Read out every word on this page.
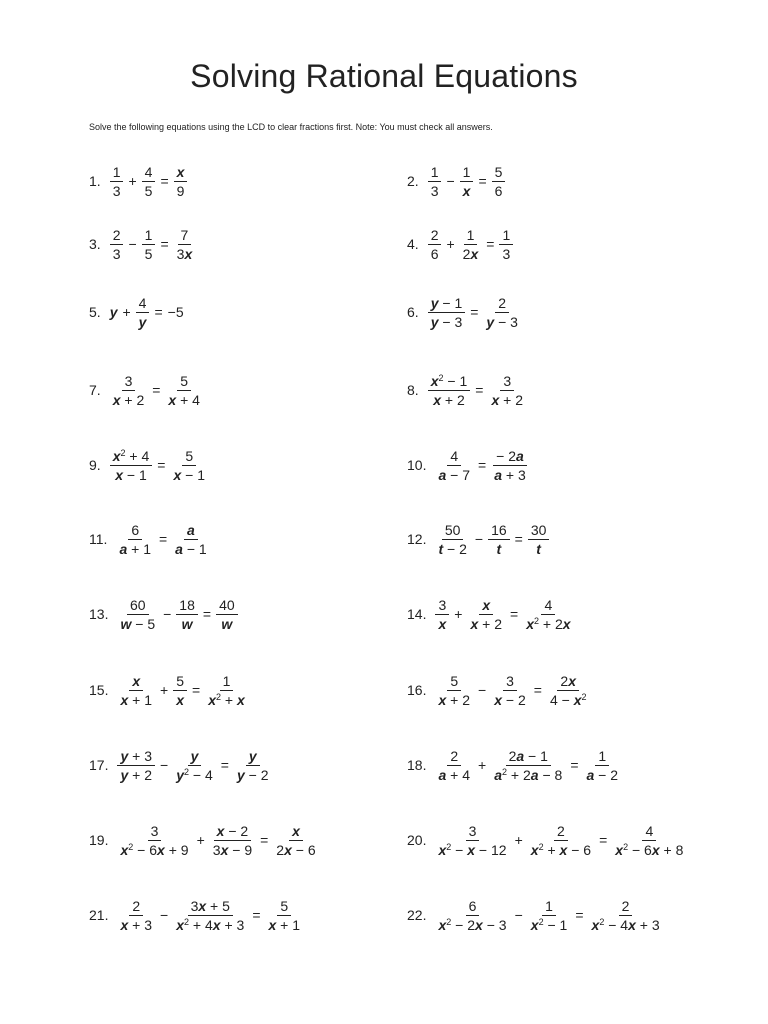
Solving Rational Equations
Solve the following equations using the LCD to clear fractions first. Note: You must check all answers.
1 . $\frac{1}{3} + \frac{4}{5} = \frac{x}{9}$	2 . $\frac{1}{3} - \frac{1}{x} = \frac{5}{6}$
3 . $\frac{2}{3} - \frac{1}{5} = \frac{7}{3x}$	4 . $\frac{2}{6} + \frac{1}{2x} = \frac{1}{3}$
5 . $y + \frac{4}{y} = -5$	6 . $\frac{y - 1}{y - 3} = \frac{2}{y - 3}$
7 . $\frac{3}{x + 2} = \frac{5}{x + 4}$	8 . $\frac{x^2 - 1}{x + 2} = \frac{3}{x + 2}$
9 . $\frac{x^2 + 4}{x - 1} = \frac{5}{x - 1}$	10 . $\frac{4}{a - 7} = \frac{- 2a}{a + 3}$
11 . $\frac{6}{a + 1} = \frac{a}{a - 1}$	12 . $\frac{50}{t - 2} - \frac{16}{t} = \frac{30}{t}$
13 . $\frac{60}{w - 5} - \frac{18}{w} = \frac{40}{w}$	14 . $\frac{3}{x} + \frac{x}{x + 2} = \frac{4}{x^2 + 2x}$
15 . $\frac{x}{x + 1} + \frac{5}{x} = \frac{1}{x^2 + x}$	16 . $\frac{5}{x + 2} - \frac{3}{x - 2} = \frac{2x}{4 - x^2}$
17 . $\frac{y + 3}{y + 2} - \frac{y}{y^2 - 4} = \frac{y}{y - 2}$	18 . $\frac{2}{a + 4} + \frac{2a - 1}{a^2 + 2a - 8} = \frac{1}{a - 2}$
19 . $\frac{3}{x^2 - 6x + 9} + \frac{x - 2}{3x - 9} = \frac{x}{2x - 6}$	20 . $\frac{3}{x^2 - x - 12} + \frac{2}{x^2 + x - 6} = \frac{4}{x^2 - 6x + 8}$
21 . $\frac{2}{x + 3} - \frac{3x + 5}{x^2 + 4x + 3} = \frac{5}{x + 1}$	22 . $\frac{6}{x^2 - 2x - 3} - \frac{1}{x^2 - 1} = \frac{2}{x^2 - 4x + 3}$
